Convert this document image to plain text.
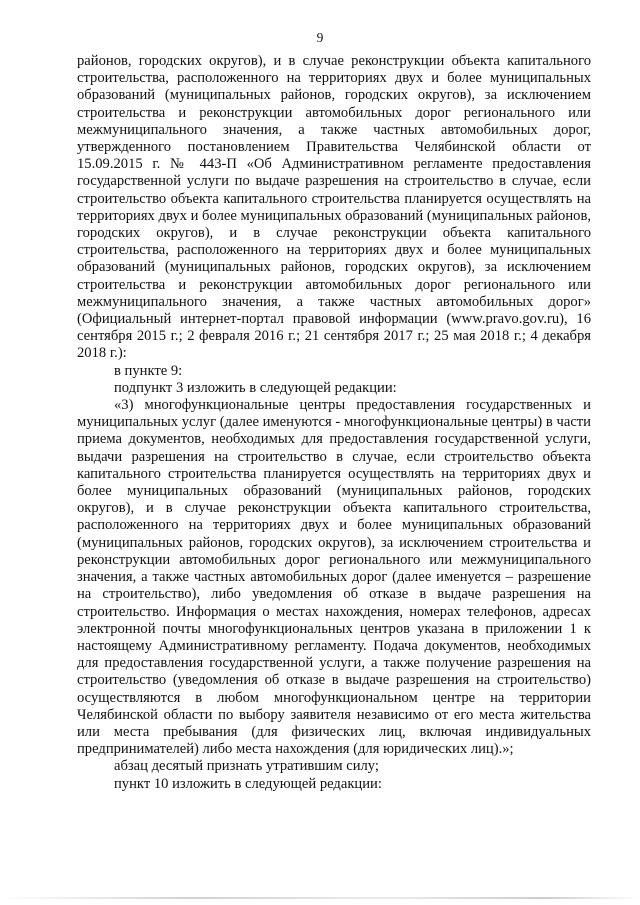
9

районов, городских округов), и в случае реконструкции объекта капитального строительства, расположенного на территориях двух и более муниципальных образований (муниципальных районов, городских округов), за исключением строительства и реконструкции автомобильных дорог регионального или межмуниципального значения, а также частных автомобильных дорог, утвержденного постановлением Правительства Челябинской области от 15.09.2015 г. № 443-П «Об Административном регламенте предоставления государственной услуги по выдаче разрешения на строительство в случае, если строительство объекта капитального строительства планируется осуществлять на территориях двух и более муниципальных образований (муниципальных районов, городских округов), и в случае реконструкции объекта капитального строительства, расположенного на территориях двух и более муниципальных образований (муниципальных районов, городских округов), за исключением строительства и реконструкции автомобильных дорог регионального или межмуниципального значения, а также частных автомобильных дорог» (Официальный интернет-портал правовой информации (www.pravo.gov.ru), 16 сентября 2015 г.; 2 февраля 2016 г.; 21 сентября 2017 г.; 25 мая 2018 г.; 4 декабря 2018 г.):

в пункте 9:

подпункт 3 изложить в следующей редакции:

«3) многофункциональные центры предоставления государственных и муниципальных услуг (далее именуются - многофункциональные центры) в части приема документов, необходимых для предоставления государственной услуги, выдачи разрешения на строительство в случае, если строительство объекта капитального строительства планируется осуществлять на территориях двух и более муниципальных образований (муниципальных районов, городских округов), и в случае реконструкции объекта капитального строительства, расположенного на территориях двух и более муниципальных образований (муниципальных районов, городских округов), за исключением строительства и реконструкции автомобильных дорог регионального или межмуниципального значения, а также частных автомобильных дорог (далее именуется – разрешение на строительство), либо уведомления об отказе в выдаче разрешения на строительство. Информация о местах нахождения, номерах телефонов, адресах электронной почты многофункциональных центров указана в приложении 1 к настоящему Административному регламенту. Подача документов, необходимых для предоставления государственной услуги, а также получение разрешения на строительство (уведомления об отказе в выдаче разрешения на строительство) осуществляются в любом многофункциональном центре на территории Челябинской области по выбору заявителя независимо от его места жительства или места пребывания (для физических лиц, включая индивидуальных предпринимателей) либо места нахождения (для юридических лиц).»;

абзац десятый признать утратившим силу;

пункт 10 изложить в следующей редакции:
